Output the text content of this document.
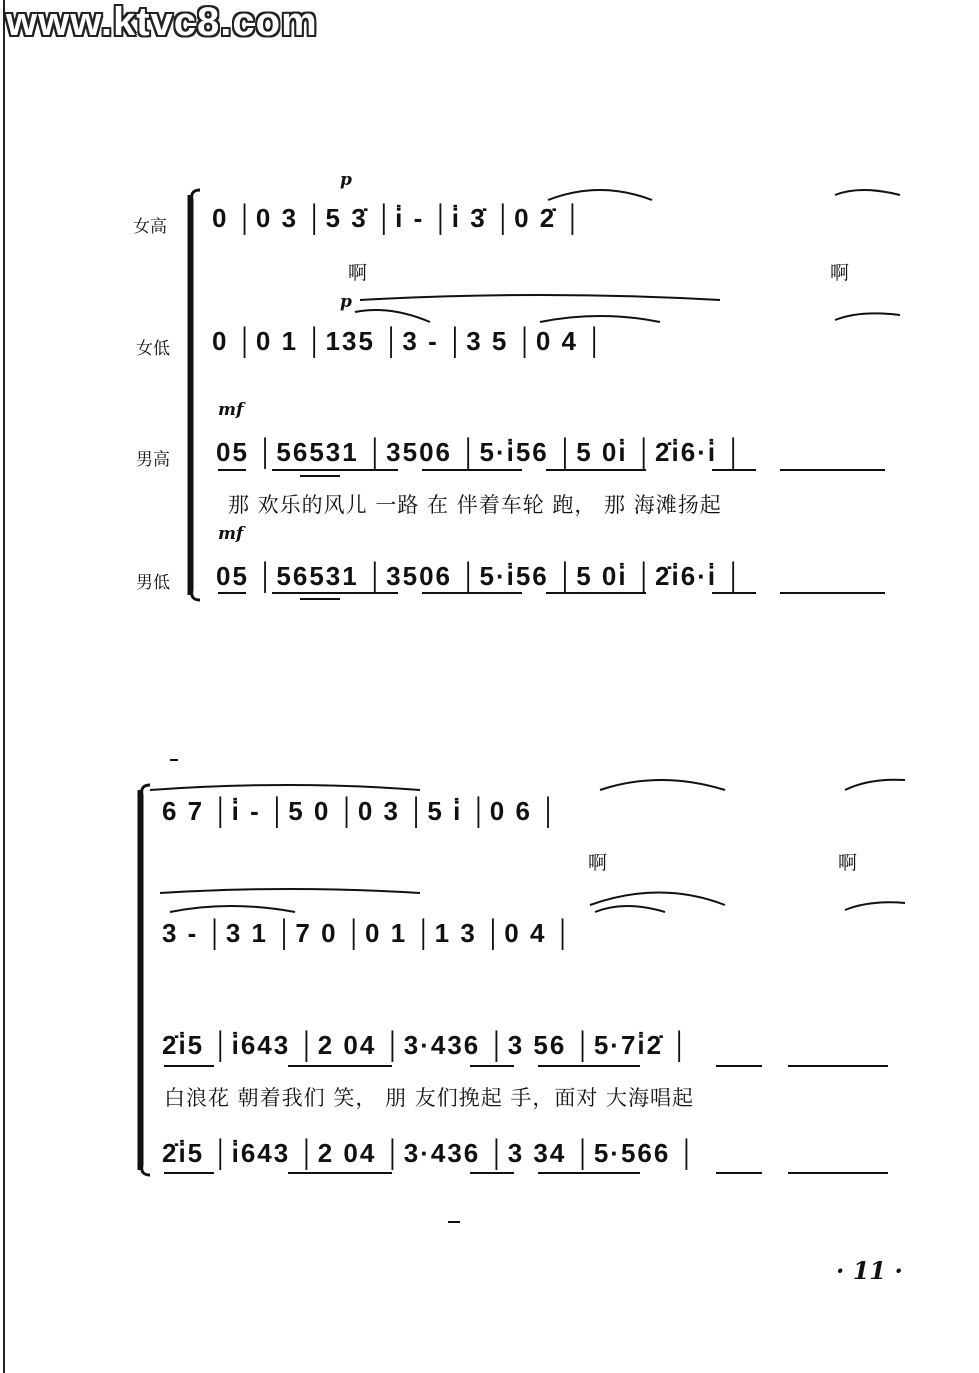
www.ktvc8.com
女高
女低
男高
男低
p
p
mf
mf
0 │0 3 │5 3̇ │i̇ - │i̇ 3̇ │0 2̇ │
啊	啊
0 │0 1 │135 │3 - │3 5 │0 4 │
05 │56531 │3506 │5·i̇56 │5 0i̇ │2̇i̇6·i̇ │
那 欢乐的风儿 一路 在 伴着车轮 跑， 那 海滩扬起
05 │56531 │3506 │5·i̇56 │5 0i̇ │2̇i̇6·i̇ │
6 7 │i̇ - │5 0 │0 3 │5 i̇ │0 6 │
啊	啊
3 - │3 1 │7 0 │0 1 │1 3 │0 4 │
2̇i̇5 │i̇643 │2 04 │3·436 │3 56 │5·7i̇2̇ │
白浪花 朝着我们 笑， 朋 友们挽起 手，面对 大海唱起
2̇i̇5 │i̇643 │2 04 │3·436 │3 34 │5·566 │
· 11 ·
